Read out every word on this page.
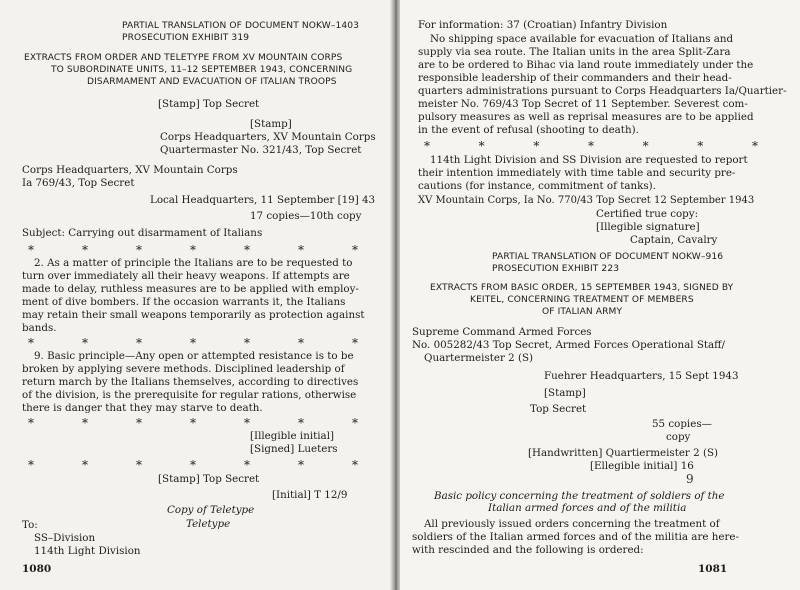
PARTIAL TRANSLATION OF DOCUMENT NOKW–1403
PROSECUTION EXHIBIT 319
EXTRACTS FROM ORDER AND TELETYPE FROM XV MOUNTAIN CORPS
TO SUBORDINATE UNITS, 11–12 SEPTEMBER 1943, CONCERNING
DISARMAMENT AND EVACUATION OF ITALIAN TROOPS
[Stamp] Top Secret
[Stamp]
Corps Headquarters, XV Mountain Corps
Quartermaster No. 321/43, Top Secret
Corps Headquarters, XV Mountain Corps
Ia 769/43, Top Secret
Local Headquarters, 11 September [19] 43
17 copies—10th copy
Subject: Carrying out disarmament of Italians
*	*	*	*	*	*	*
2. As a matter of principle the Italians are to be requested to
turn over immediately all their heavy weapons. If attempts are
made to delay, ruthless measures are to be applied with employ-
ment of dive bombers. If the occasion warrants it, the Italians
may retain their small weapons temporarily as protection against
bands.
*	*	*	*	*	*	*
9. Basic principle—Any open or attempted resistance is to be
broken by applying severe methods. Disciplined leadership of
return march by the Italians themselves, according to directives
of the division, is the prerequisite for regular rations, otherwise
there is danger that they may starve to death.
*	*	*	*	*	*	*
[Illegible initial]
[Signed] Lueters
*	*	*	*	*	*	*
[Stamp] Top Secret
[Initial] T 12/9
Copy of Teletype
Teletype
To:
SS–Division
114th Light Division
1080
For information: 37 (Croatian) Infantry Division
No shipping space available for evacuation of Italians and
supply via sea route. The Italian units in the area Split-Zara
are to be ordered to Bihac via land route immediately under the
responsible leadership of their commanders and their head-
quarters administrations pursuant to Corps Headquarters Ia/Quartier-
meister No. 769/43 Top Secret of 11 September. Severest com-
pulsory measures as well as reprisal measures are to be applied
in the event of refusal (shooting to death).
*	*	*	*	*	*	*
114th Light Division and SS Division are requested to report
their intention immediately with time table and security pre-
cautions (for instance, commitment of tanks).
XV Mountain Corps, Ia No. 770/43 Top Secret 12 September 1943
Certified true copy:
[Illegible signature]
Captain, Cavalry
PARTIAL TRANSLATION OF DOCUMENT NOKW–916
PROSECUTION EXHIBIT 223
EXTRACTS FROM BASIC ORDER, 15 SEPTEMBER 1943, SIGNED BY
KEITEL, CONCERNING TREATMENT OF MEMBERS
OF ITALIAN ARMY
Supreme Command Armed Forces
No. 005282/43 Top Secret, Armed Forces Operational Staff/
Quartermeister 2 (S)
Fuehrer Headquarters, 15 Sept 1943
[Stamp]
Top Secret
55 copies—
copy
[Handwritten] Quartiermeister 2 (S)
[Ellegible initial] 16
9
Basic policy concerning the treatment of soldiers of the
Italian armed forces and of the militia
All previously issued orders concerning the treatment of
soldiers of the Italian armed forces and of the militia are here-
with rescinded and the following is ordered:
1081
